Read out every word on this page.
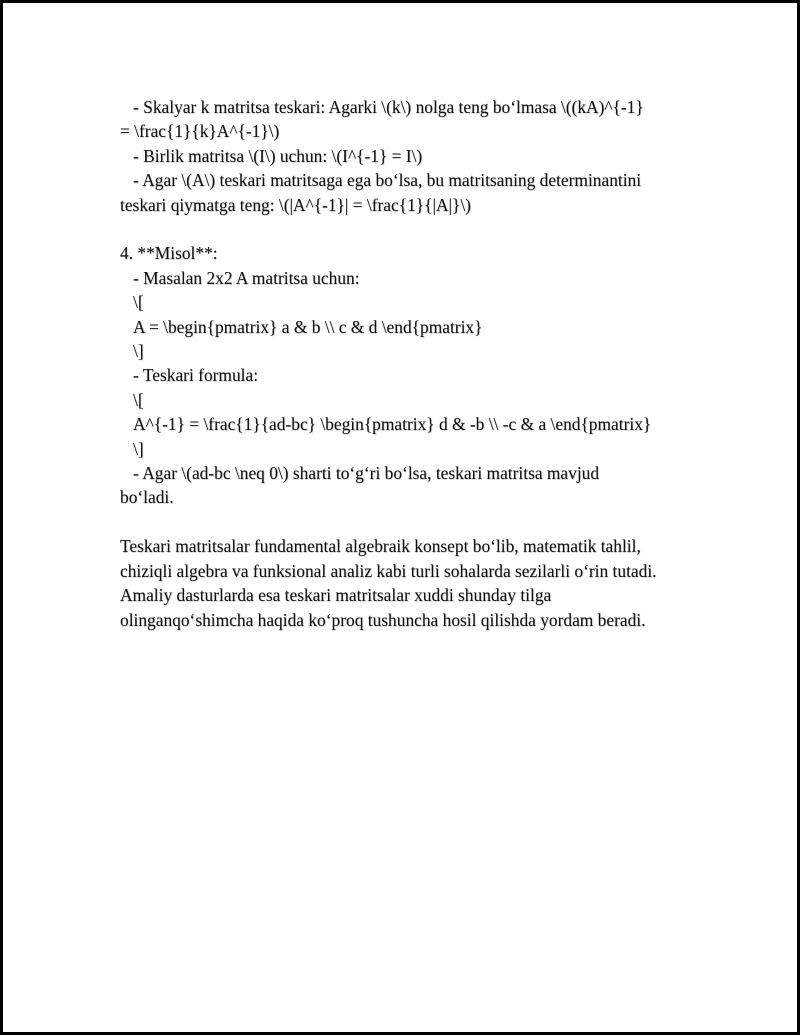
- Skalyar k matritsa teskari: Agarki \(k\) nolga teng bo‘lmasa \((kA)^{-1}
= \frac{1}{k}A^{-1}\)
- Birlik matritsa \(I\) uchun: \(I^{-1} = I\)
- Agar \(A\) teskari matritsaga ega bo‘lsa, bu matritsaning determinantini
teskari qiymatga teng: \(|A^{-1}| = \frac{1}{|A|}\)
4. **Misol**:
- Masalan 2x2 A matritsa uchun:
\[
A = \begin{pmatrix} a & b \\ c & d \end{pmatrix}
\]
- Teskari formula:
\[
A^{-1} = \frac{1}{ad-bc} \begin{pmatrix} d & -b \\ -c & a \end{pmatrix}
\]
- Agar \(ad-bc \neq 0\) sharti to‘g‘ri bo‘lsa, teskari matritsa mavjud
bo‘ladi.
Teskari matritsalar fundamental algebraik konsept bo‘lib, matematik tahlil,
chiziqli algebra va funksional analiz kabi turli sohalarda sezilarli o‘rin tutadi.
Amaliy dasturlarda esa teskari matritsalar xuddi shunday tilga
olinganqo‘shimcha haqida ko‘proq tushuncha hosil qilishda yordam beradi.
